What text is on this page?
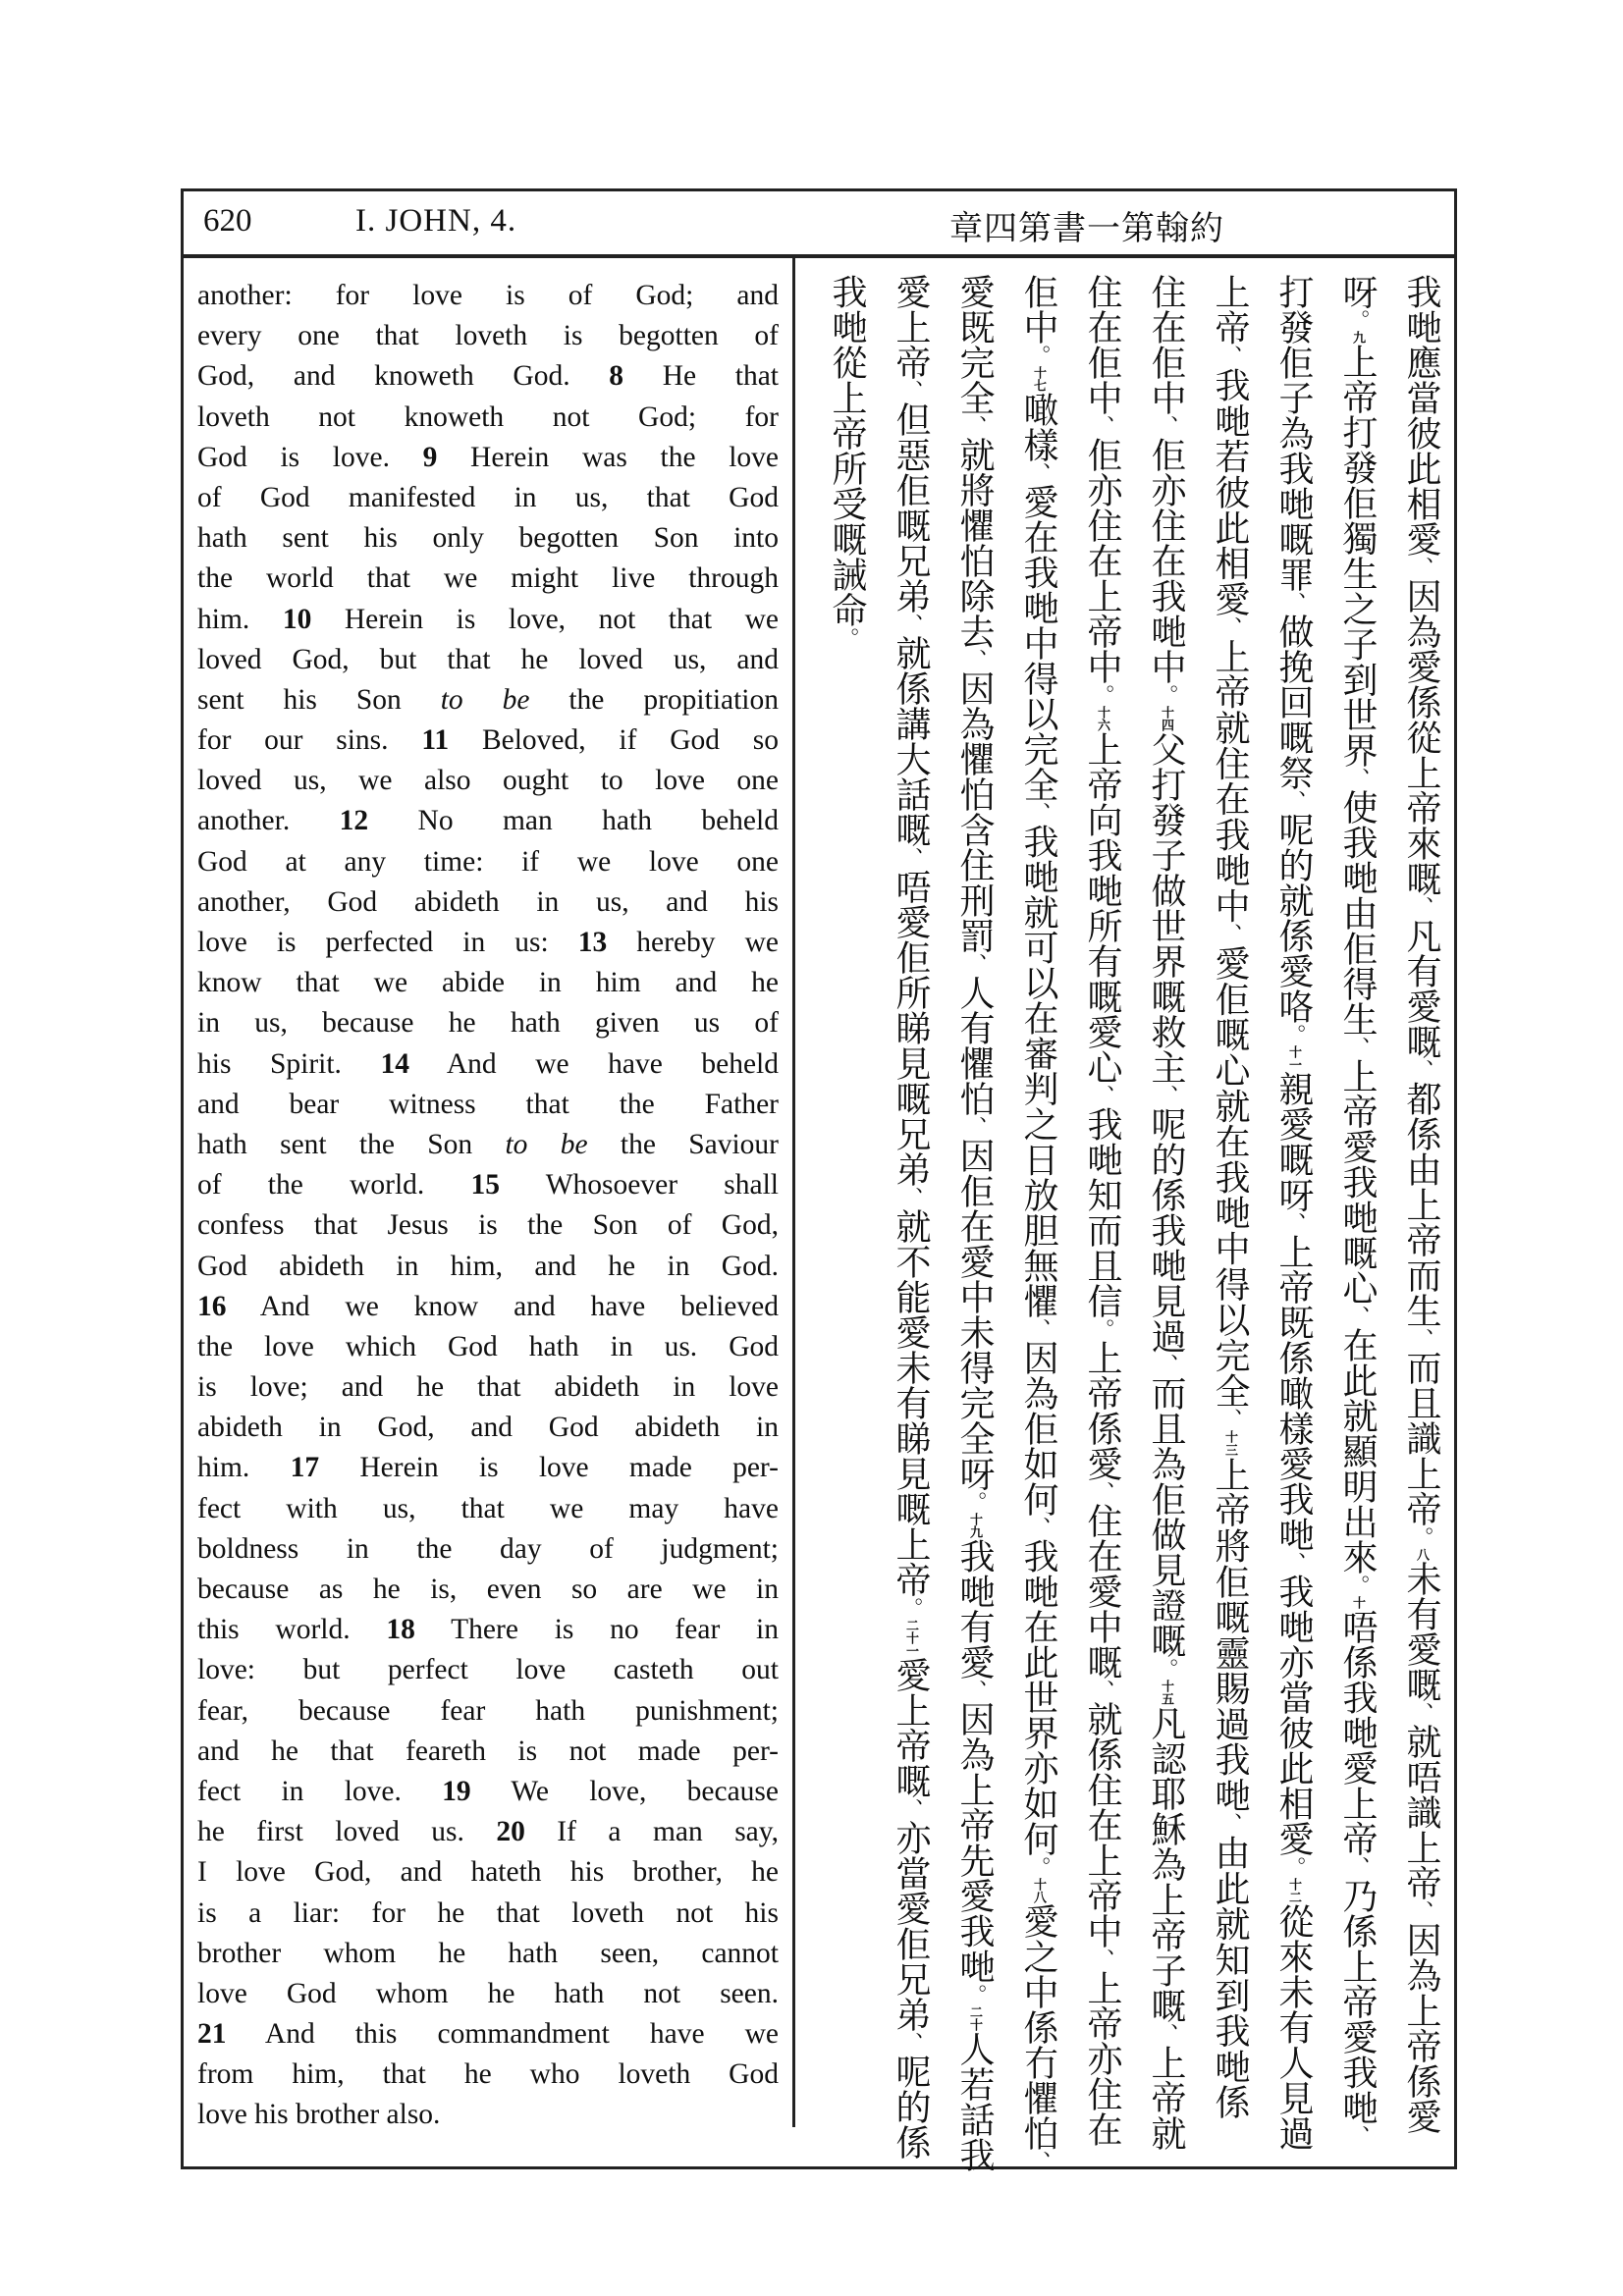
620	I. JOHN, 4.	約翰第一書第四章
another: for love is of God; and
every one that loveth is begotten of
God, and knoweth God. 8 He that
loveth not knoweth not God; for
God is love. 9 Herein was the love
of God manifested in us, that God
hath sent his only begotten Son into
the world that we might live through
him. 10 Herein is love, not that we
loved God, but that he loved us, and
sent his Son to be the propitiation
for our sins. 11 Beloved, if God so
loved us, we also ought to love one
another. 12 No man hath beheld
God at any time: if we love one
another, God abideth in us, and his
love is perfected in us: 13 hereby we
know that we abide in him and he
in us, because he hath given us of
his Spirit. 14 And we have beheld
and bear witness that the Father
hath sent the Son to be the Saviour
of the world. 15 Whosoever shall
confess that Jesus is the Son of God,
God abideth in him, and he in God.
16 And we know and have believed
the love which God hath in us. God
is love; and he that abideth in love
abideth in God, and God abideth in
him. 17 Herein is love made per-
fect with us, that we may have
boldness in the day of judgment;
because as he is, even so are we in
this world. 18 There is no fear in
love: but perfect love casteth out
fear, because fear hath punishment;
and he that feareth is not made per-
fect in love. 19 We love, because
he first loved us. 20 If a man say,
I love God, and hateth his brother, he
is a liar: for he that loveth not his
brother whom he hath seen, cannot
love God whom he hath not seen.
21 And this commandment have we
from him, that he who loveth God
love his brother also.
我哋應當彼此相愛、因為愛係從上帝來嘅、凡有愛嘅、都係由上帝而生、而且識上帝。八未有愛嘅、就唔識上帝、因為上帝係愛
呀。九上帝打發佢獨生之子到世界、使我哋由佢得生、上帝愛我哋嘅心、在此就顯明出來。十唔係我哋愛上帝、乃係上帝愛我哋、
打發佢子為我哋嘅罪、做挽回嘅祭、呢的就係愛咯。十一親愛嘅呀、上帝既係噉樣愛我哋、我哋亦當彼此相愛。十二從來未有人見過
上帝、我哋若彼此相愛、上帝就住在我哋中、愛佢嘅心就在我哋中得以完全、十三上帝將佢嘅靈賜過我哋、由此就知到我哋係
住在佢中、佢亦住在我哋中。十四父打發子做世界嘅救主、呢的係我哋見過、而且為佢做見證嘅。十五凡認耶穌為上帝子嘅、上帝就
住在佢中、佢亦住在上帝中。十六上帝向我哋所有嘅愛心、我哋知而且信。上帝係愛、住在愛中嘅、就係住在上帝中、上帝亦住在
佢中。十七噉樣、愛在我哋中得以完全、我哋就可以在審判之日放胆無懼、因為佢如何、我哋在此世界亦如何。十八愛之中係冇懼怕、
愛既完全、就將懼怕除去、因為懼怕含住刑罰、人有懼怕、因佢在愛中未得完全呀。十九我哋有愛、因為上帝先愛我哋。二十人若話我
愛上帝、但惡佢嘅兄弟、就係講大話嘅、唔愛佢所睇見嘅兄弟、就不能愛未有睇見嘅上帝。二十一愛上帝嘅、亦當愛佢兄弟、呢的係
我哋從上帝所受嘅誡命。
